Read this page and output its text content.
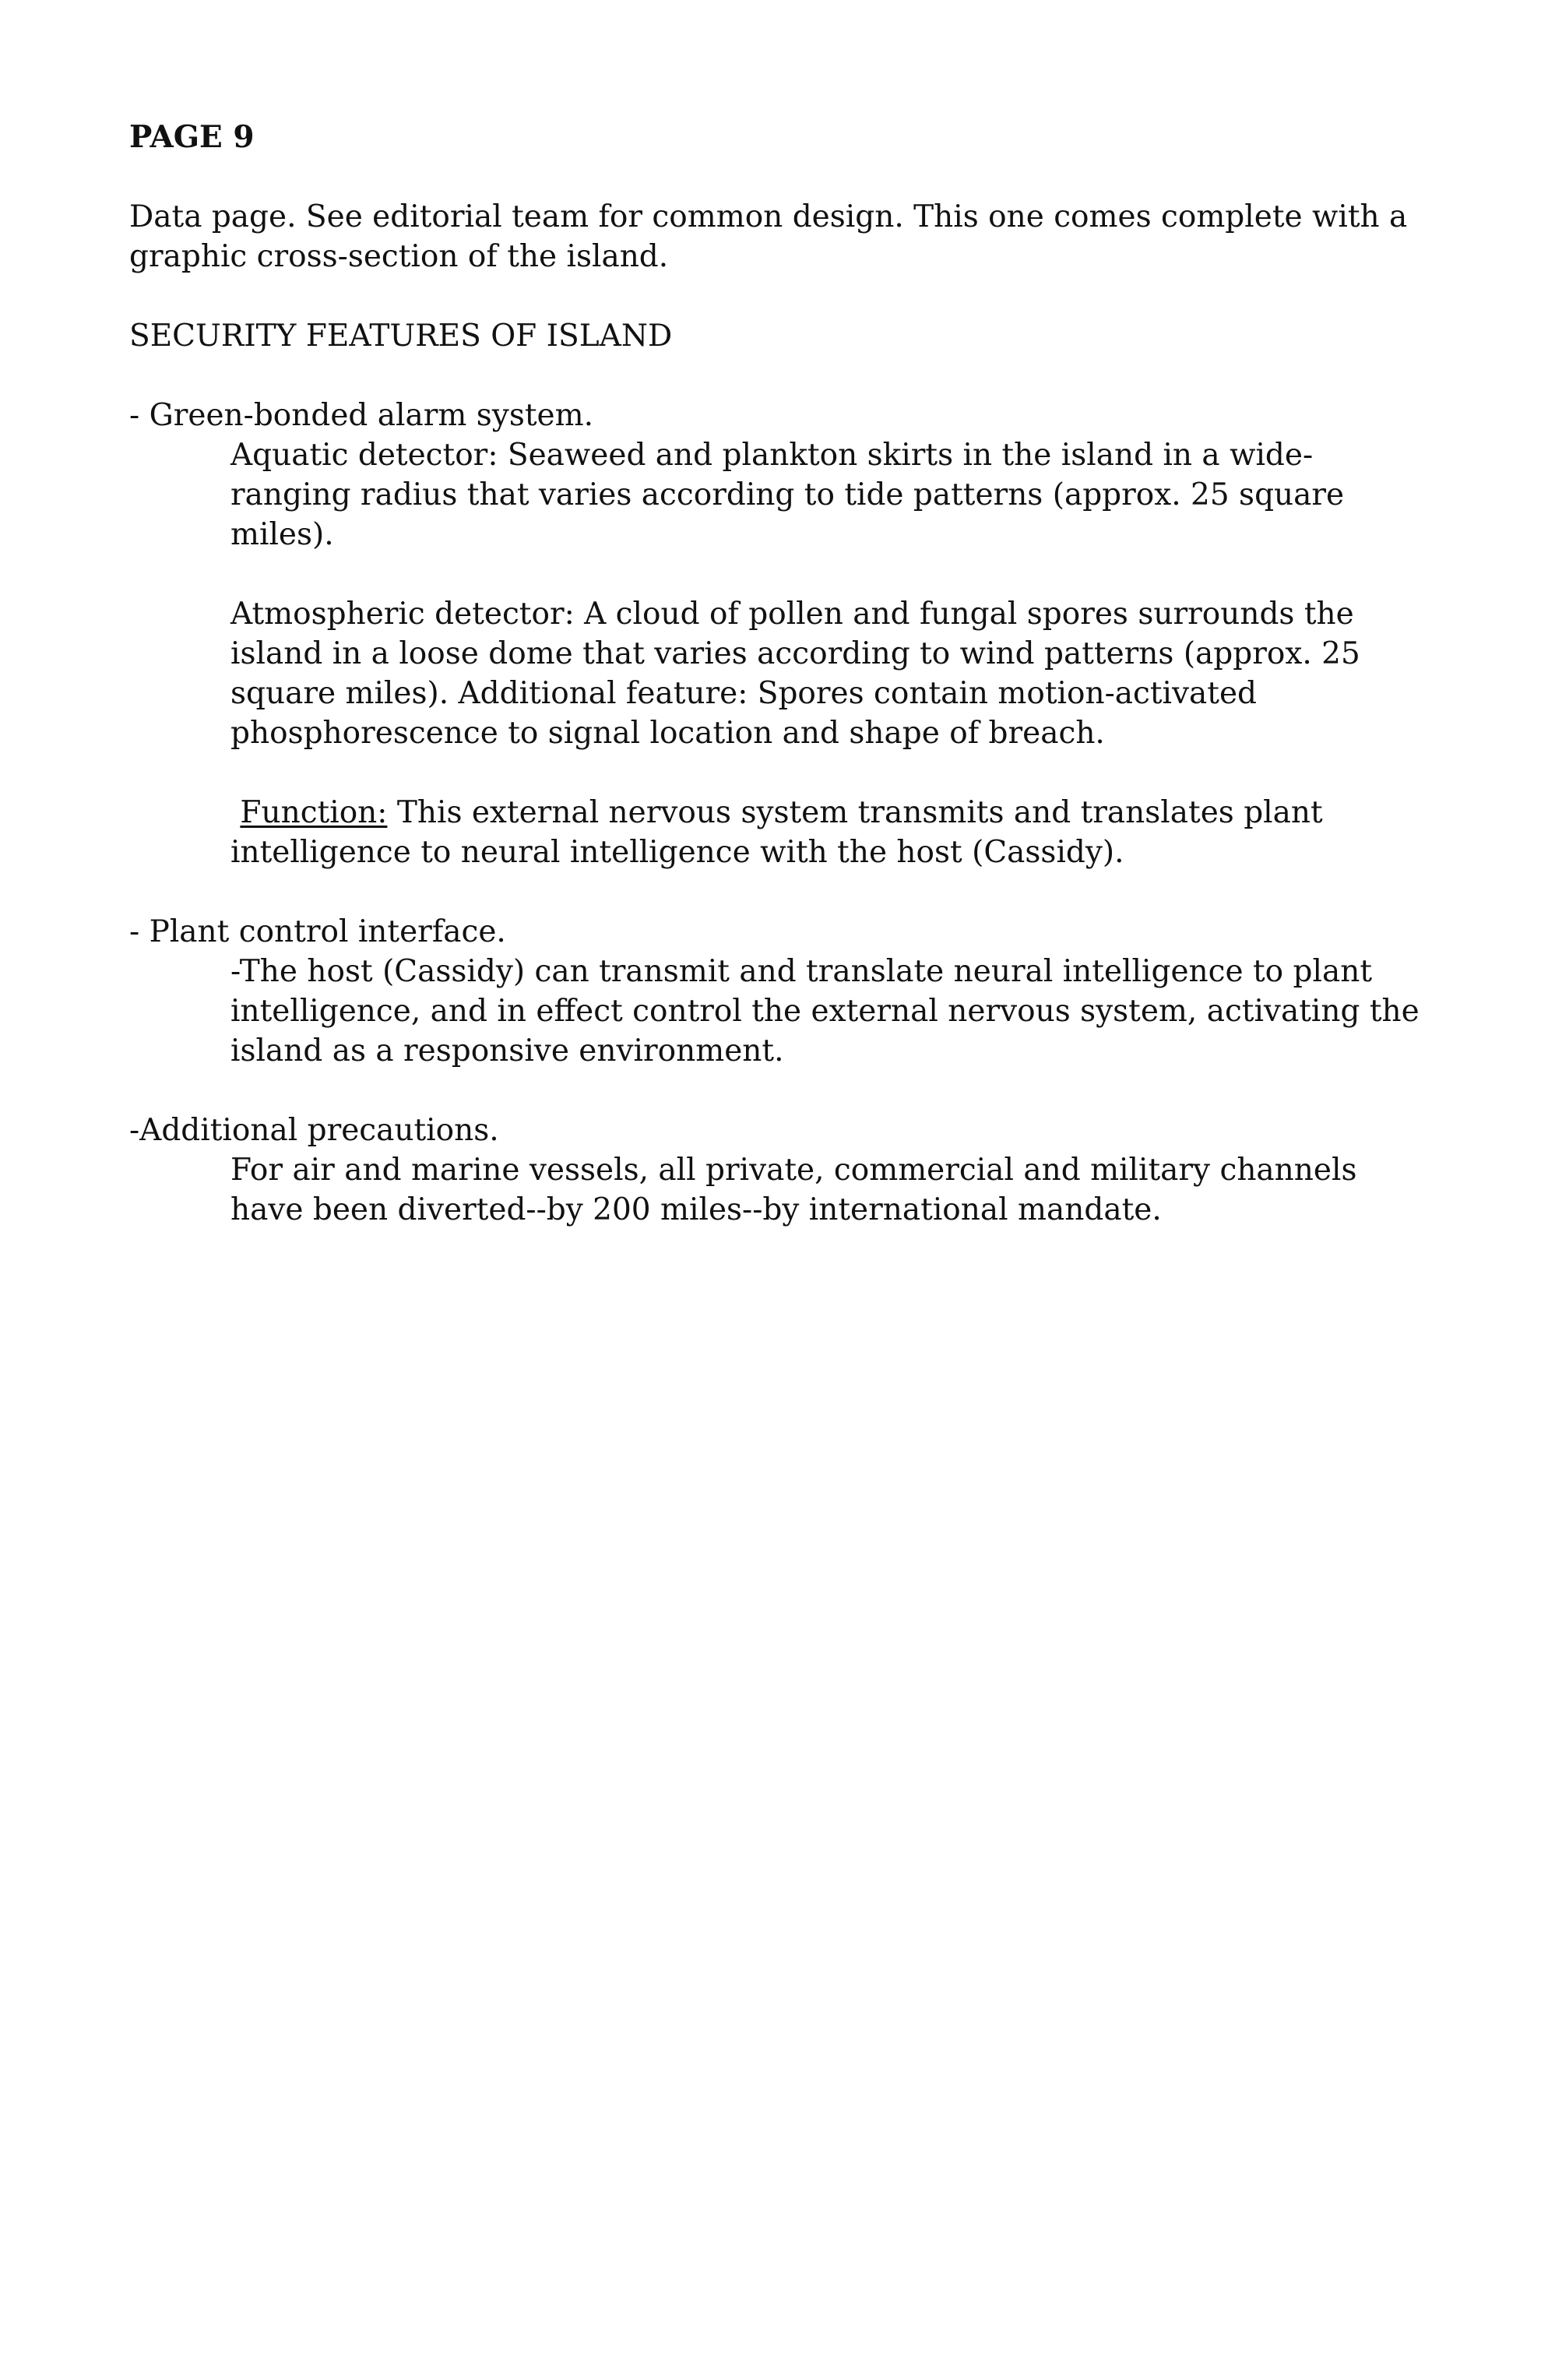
PAGE 9

Data page. See editorial team for common design. This one comes complete with a graphic cross-section of the island.

SECURITY FEATURES OF ISLAND

- Green-bonded alarm system.

Aquatic detector: Seaweed and plankton skirts in the island in a wide-ranging radius that varies according to tide patterns (approx. 25 square miles).

Atmospheric detector: A cloud of pollen and fungal spores surrounds the island in a loose dome that varies according to wind patterns (approx. 25 square miles). Additional feature: Spores contain motion-activated phosphorescence to signal location and shape of breach.

Function: This external nervous system transmits and translates plant intelligence to neural intelligence with the host (Cassidy).

- Plant control interface.

-The host (Cassidy) can transmit and translate neural intelligence to plant intelligence, and in effect control the external nervous system, activating the island as a responsive environment.

-Additional precautions.

For air and marine vessels, all private, commercial and military channels have been diverted--by 200 miles--by international mandate.
